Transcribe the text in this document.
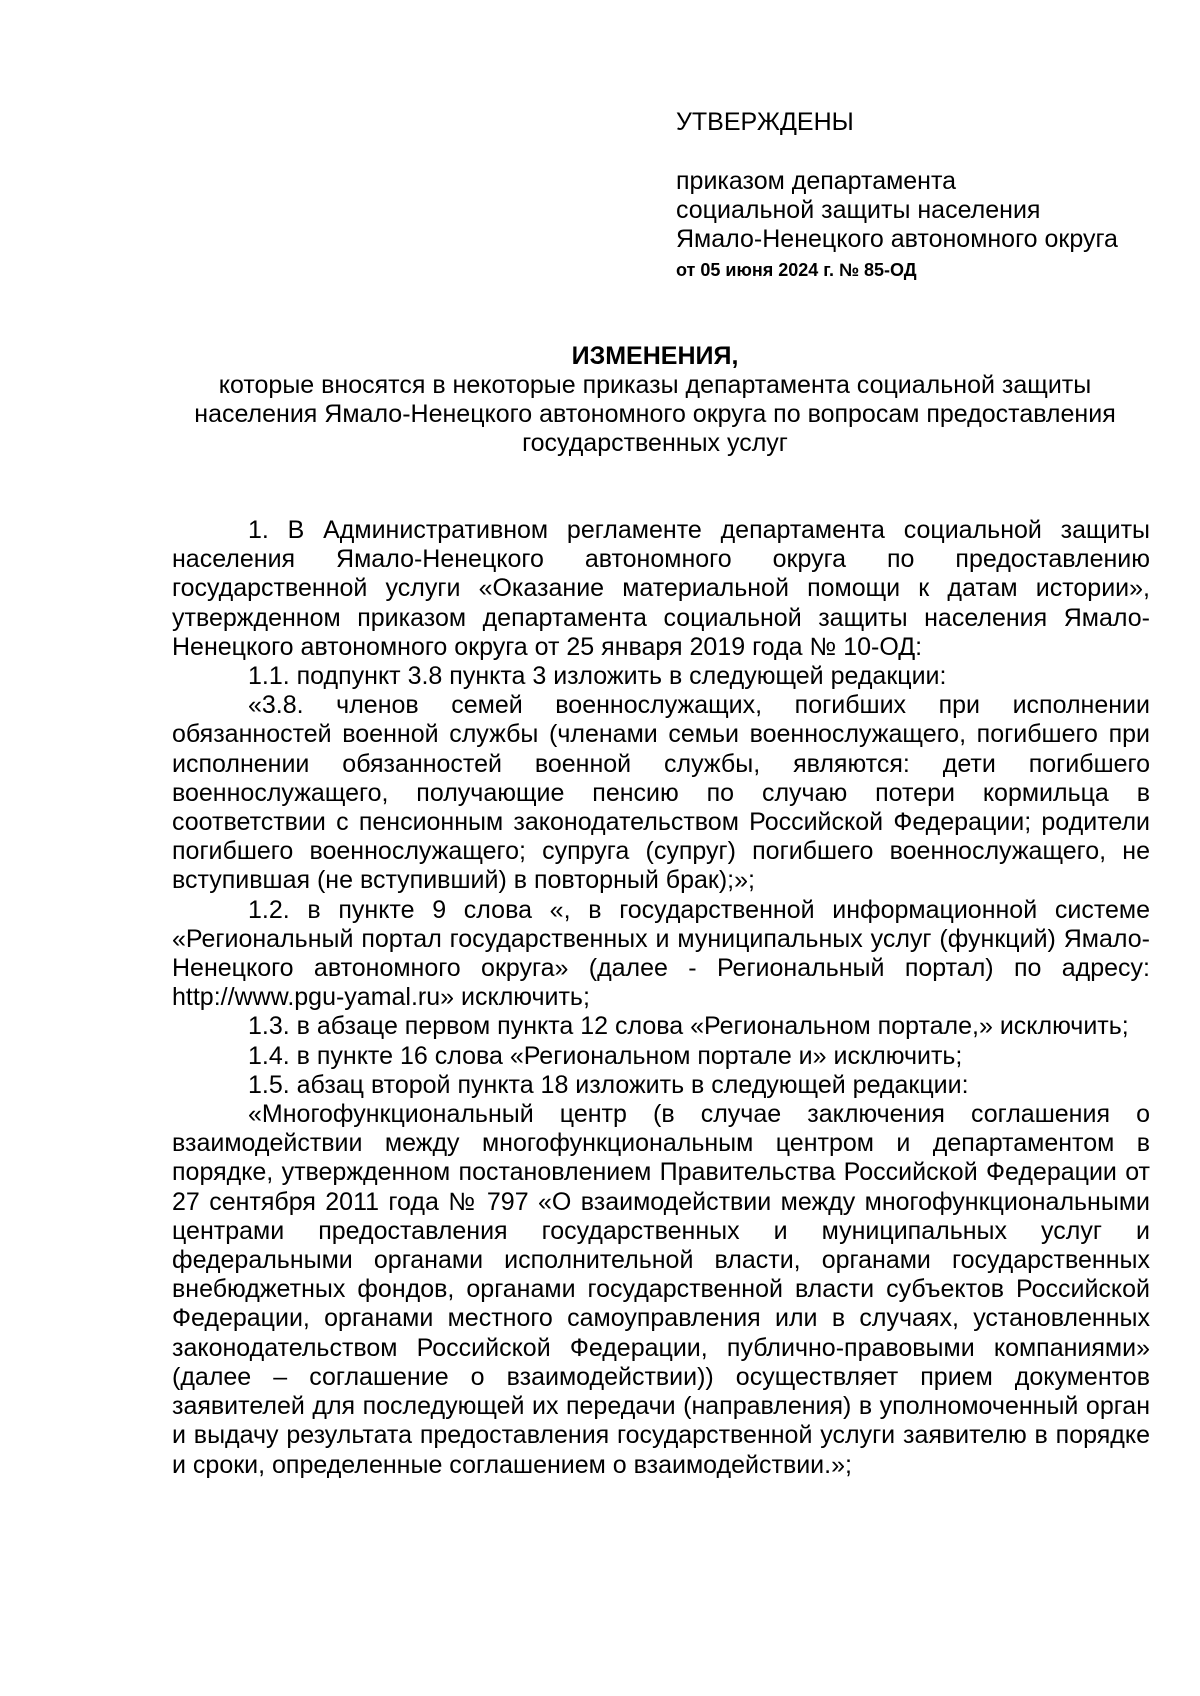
УТВЕРЖДЕНЫ
приказом департамента
социальной защиты населения
Ямало-Ненецкого автономного округа
от 05 июня 2024 г. № 85-ОД
ИЗМЕНЕНИЯ,
которые вносятся в некоторые приказы департамента социальной защиты населения Ямало-Ненецкого автономного округа по вопросам предоставления государственных услуг

1. В Административном регламенте департамента социальной защиты населения Ямало-Ненецкого автономного округа по предоставлению государственной услуги «Оказание материальной помощи к датам истории», утвержденном приказом департамента социальной защиты населения Ямало-Ненецкого автономного округа от 25 января 2019 года № 10-ОД:

1.1. подпункт 3.8 пункта 3 изложить в следующей редакции:

«3.8. членов семей военнослужащих, погибших при исполнении обязанностей военной службы (членами семьи военнослужащего, погибшего при исполнении обязанностей военной службы, являются: дети погибшего военнослужащего, получающие пенсию по случаю потери кормильца в соответствии с пенсионным законодательством Российской Федерации; родители погибшего военнослужащего; супруга (супруг) погибшего военнослужащего, не вступившая (не вступивший) в повторный брак);»;

1.2. в пункте 9 слова «, в государственной информационной системе «Региональный портал государственных и муниципальных услуг (функций) Ямало-Ненецкого автономного округа» (далее - Региональный портал) по адресу: http://www.pgu-yamal.ru» исключить;

1.3. в абзаце первом пункта 12 слова «Региональном портале,» исключить;

1.4. в пункте 16 слова «Региональном портале и» исключить;

1.5. абзац второй пункта 18 изложить в следующей редакции:

«Многофункциональный центр (в случае заключения соглашения о взаимодействии между многофункциональным центром и департаментом в порядке, утвержденном постановлением Правительства Российской Федерации от 27 сентября 2011 года № 797 «О взаимодействии между многофункциональными центрами предоставления государственных и муниципальных услуг и федеральными органами исполнительной власти, органами государственных внебюджетных фондов, органами государственной власти субъектов Российской Федерации, органами местного самоуправления или в случаях, установленных законодательством Российской Федерации, публично-правовыми компаниями» (далее – соглашение о взаимодействии)) осуществляет прием документов заявителей для последующей их передачи (направления) в уполномоченный орган и выдачу результата предоставления государственной услуги заявителю в порядке и сроки, определенные соглашением о взаимодействии.»;
